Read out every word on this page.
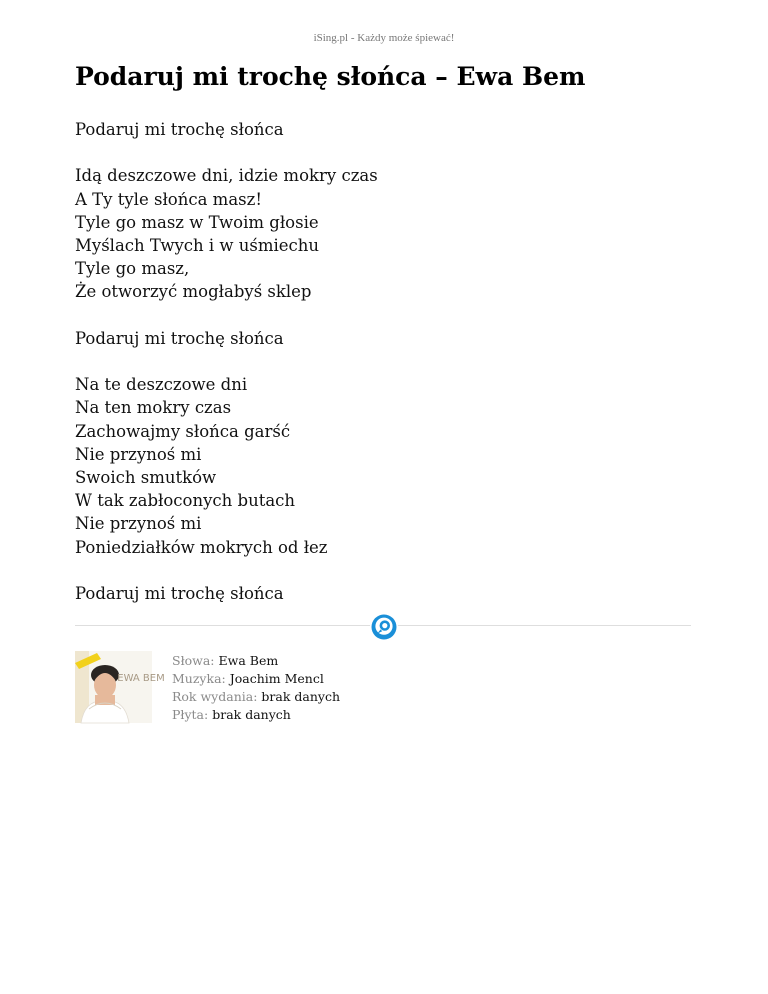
iSing.pl - Każdy może śpiewać!
Podaruj mi trochę słońca – Ewa Bem

Podaruj mi trochę słońca

Idą deszczowe dni, idzie mokry czas
A Ty tyle słońca masz!
Tyle go masz w Twoim głosie
Myślach Twych i w uśmiechu
Tyle go masz,
Że otworzyć mogłabyś sklep

Podaruj mi trochę słońca

Na te deszczowe dni
Na ten mokry czas
Zachowajmy słońca garść
Nie przynoś mi
Swoich smutków
W tak zabłoconych butach
Nie przynoś mi
Poniedziałków mokrych od łez

Podaruj mi trochę słońca

EWA BEM
Słowa: Ewa Bem
Muzyka: Joachim Mencl
Rok wydania: brak danych
Płyta: brak danych
